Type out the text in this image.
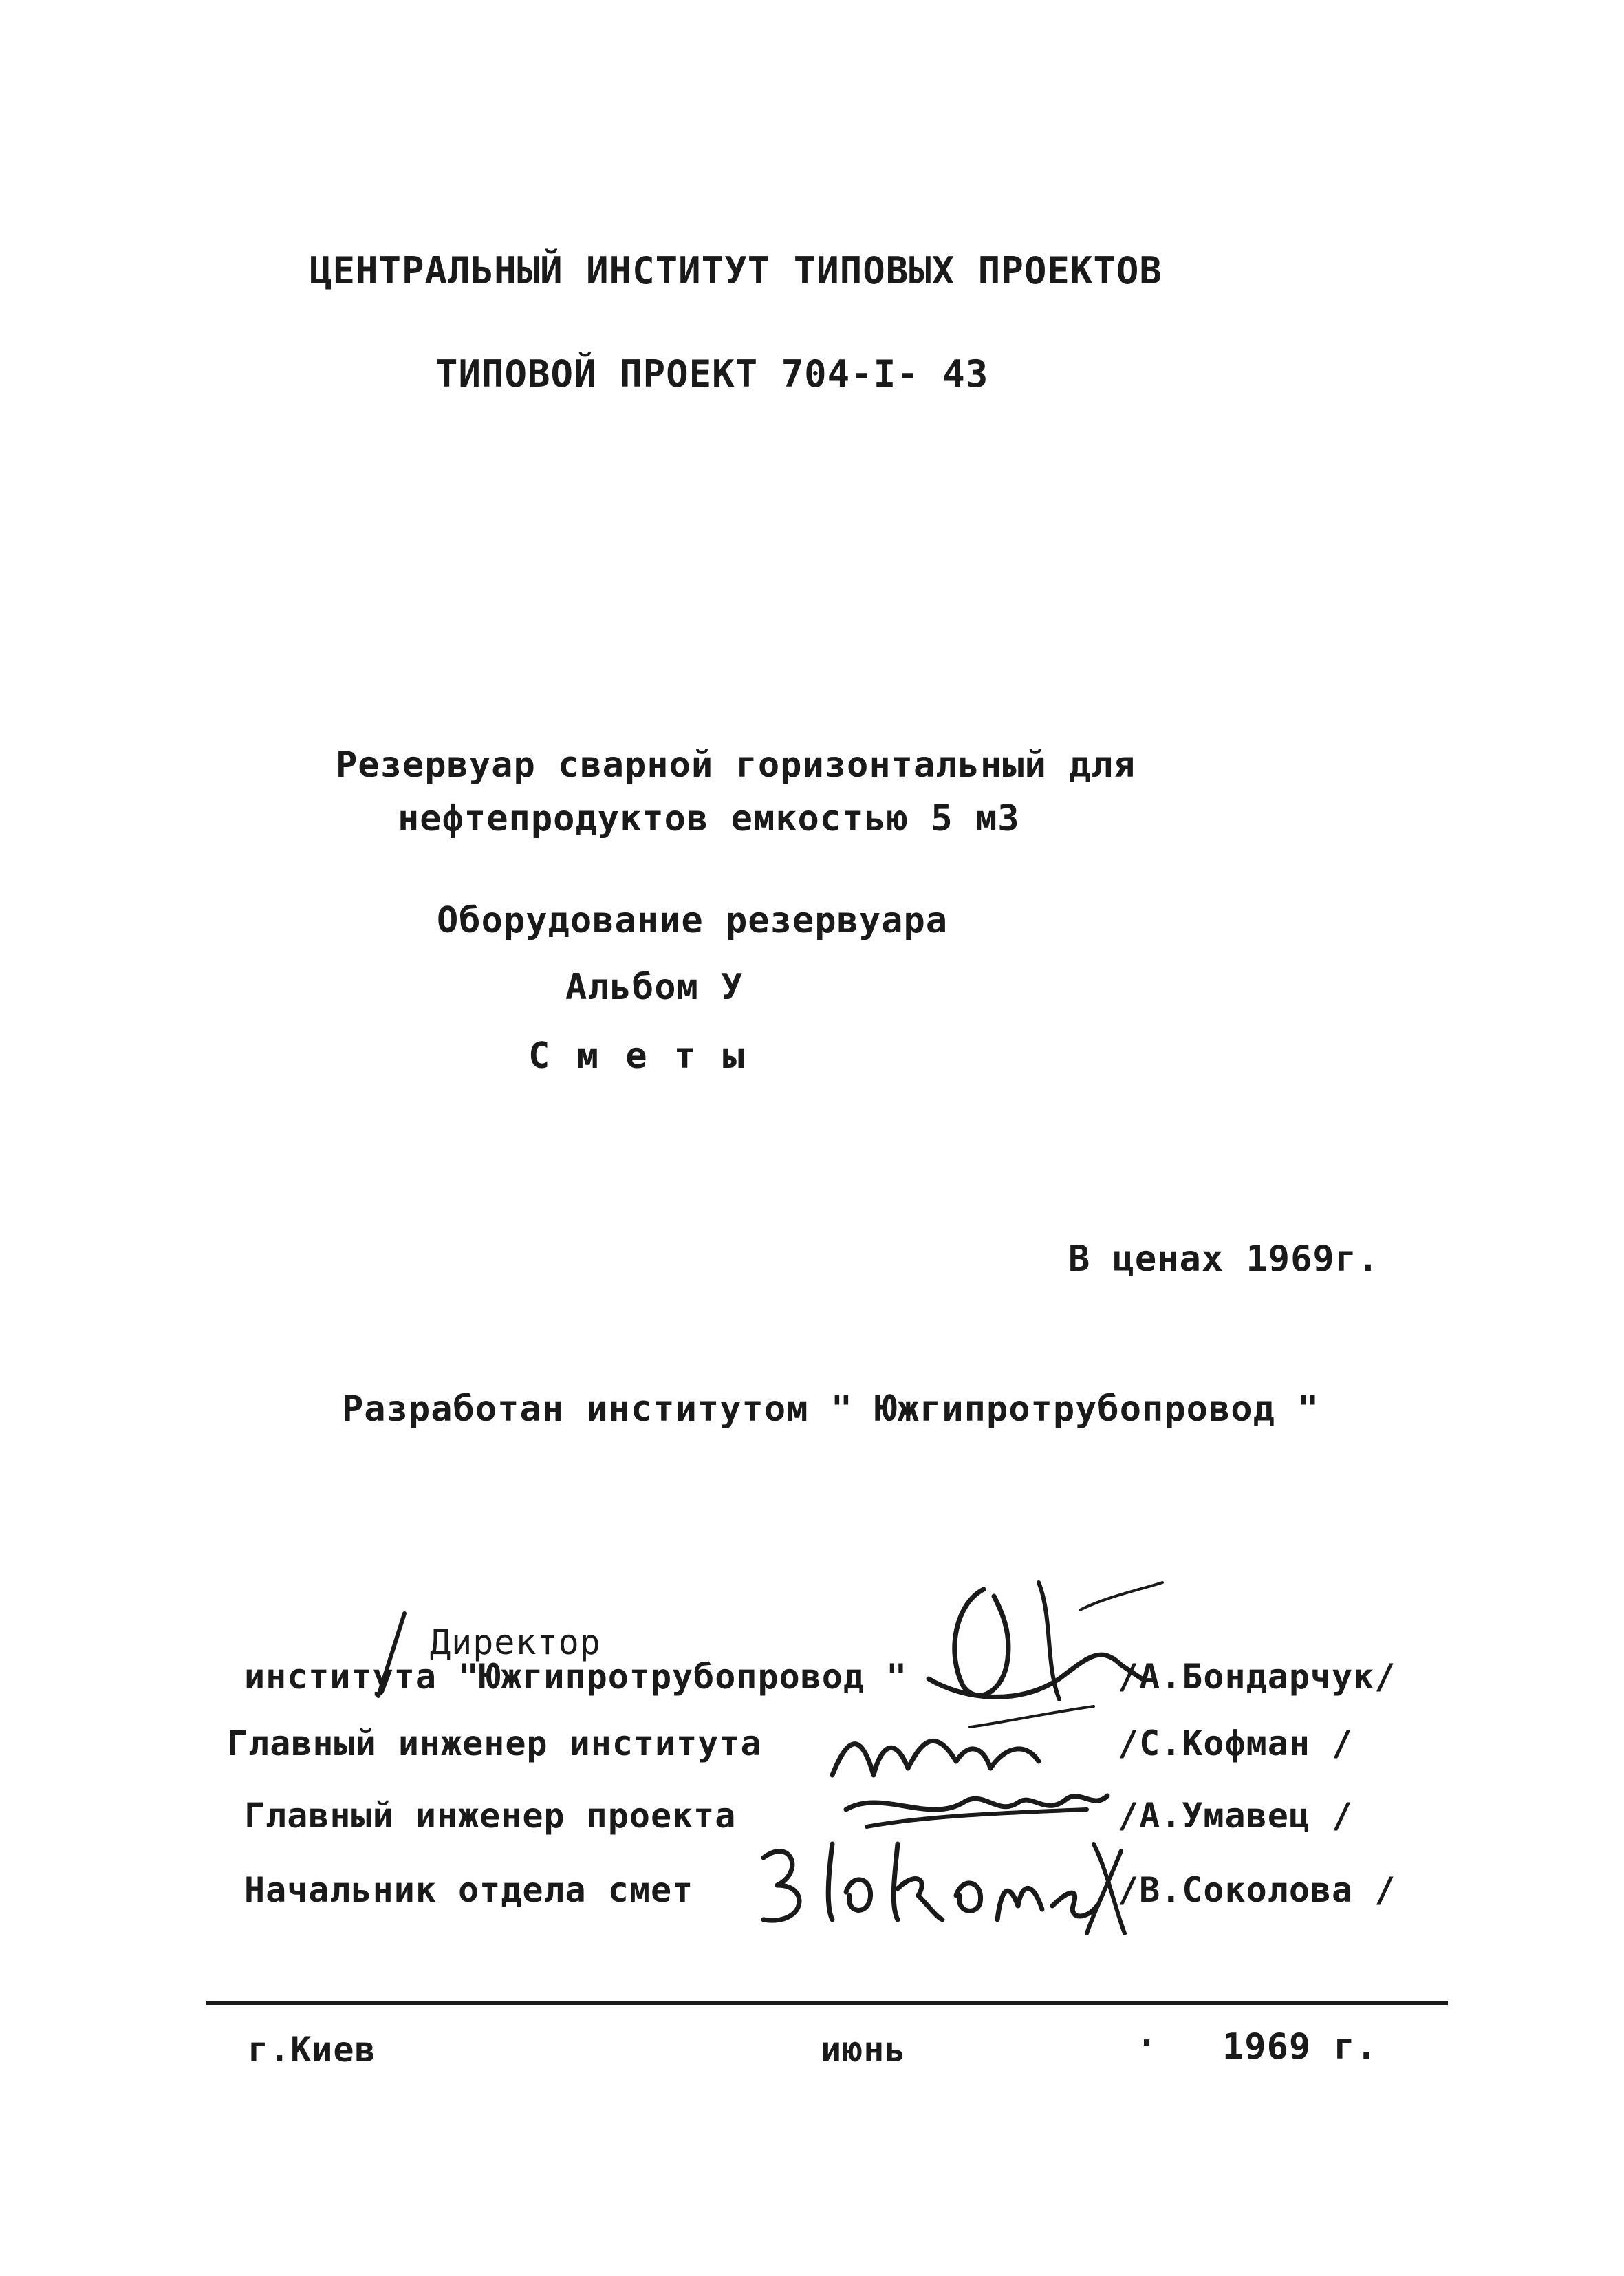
ЦЕНТРАЛЬНЫЙ ИНСТИТУТ ТИПОВЫХ ПРОЕКТОВ
ТИПОВОЙ ПРОЕКТ 704-I- 43
Резервуар сварной горизонтальный для
нефтепродуктов емкостью 5 м3
Оборудование резервуара
Альбом У
С м е т ы
В ценах 1969г.
Разработан институтом " Южгипротрубопровод "
Директор
института "Южгипротрубопровод "	/А.Бондарчук/
Главный инженер института	/С.Кофман /
Главный инженер проекта	/А.Умавец /
Начальник отдела смет	/В.Соколова /
г.Киев	июнь	· 1969 г.
